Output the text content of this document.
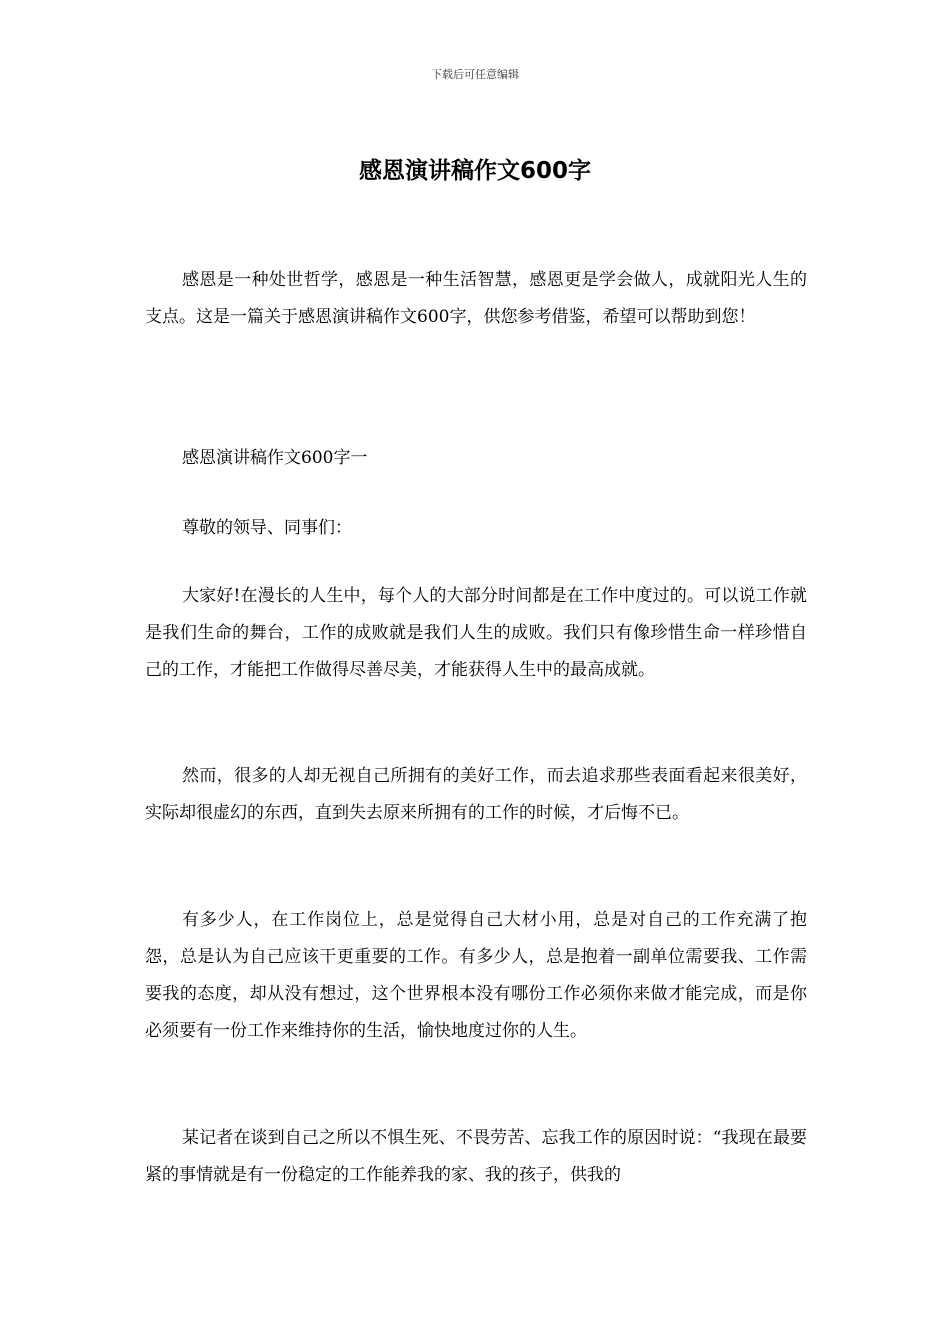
下载后可任意编辑
感恩演讲稿作文600字

感恩是一种处世哲学，感恩是一种生活智慧，感恩更是学会做人，成就阳光人生的支点。这是一篇关于感恩演讲稿作文600字，供您参考借鉴，希望可以帮助到您！

感恩演讲稿作文600字一

尊敬的领导、同事们：

大家好!在漫长的人生中，每个人的大部分时间都是在工作中度过的。可以说工作就是我们生命的舞台，工作的成败就是我们人生的成败。我们只有像珍惜生命一样珍惜自己的工作，才能把工作做得尽善尽美，才能获得人生中的最高成就。

然而，很多的人却无视自己所拥有的美好工作，而去追求那些表面看起来很美好，实际却很虚幻的东西，直到失去原来所拥有的工作的时候，才后悔不已。

有多少人，在工作岗位上，总是觉得自己大材小用，总是对自己的工作充满了抱怨，总是认为自己应该干更重要的工作。有多少人，总是抱着一副单位需要我、工作需要我的态度，却从没有想过，这个世界根本没有哪份工作必须你来做才能完成，而是你必须要有一份工作来维持你的生活，愉快地度过你的人生。

某记者在谈到自己之所以不惧生死、不畏劳苦、忘我工作的原因时说：“我现在最要紧的事情就是有一份稳定的工作能养我的家、我的孩子，供我的
